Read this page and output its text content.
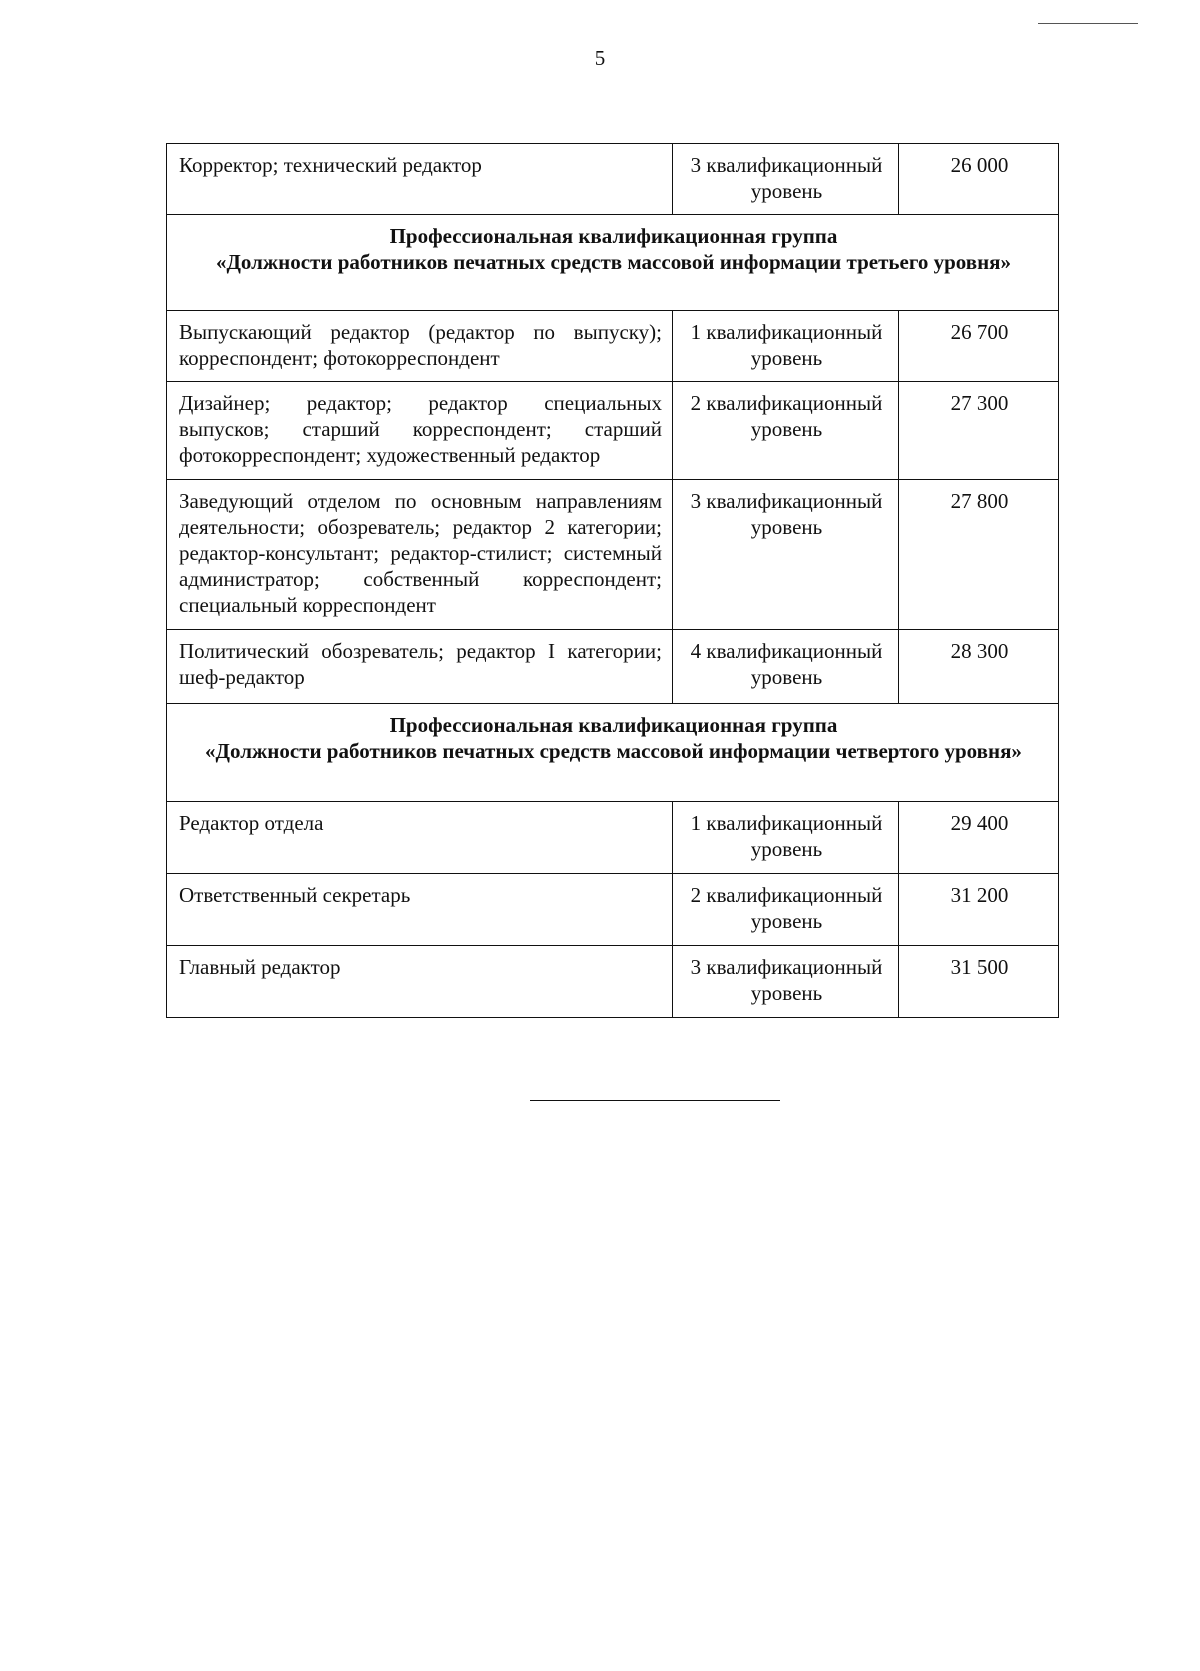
5
Корректор; технический редактор	3 квалификационный уровень	26 000

Профессиональная квалификационная группа
«Должности работников печатных средств массовой информации третьего уровня»		

Выпускающий редактор (редактор по выпуску); корреспондент; фотокорреспондент	1 квалификационный уровень	26 700
Дизайнер; редактор; редактор специальных выпусков; старший корреспондент; старший фотокорреспондент; художественный редактор	2 квалификационный уровень	27 300
Заведующий отделом по основным направлениям деятельности; обозреватель; редактор 2 категории; редактор-консультант; редактор-стилист; системный администратор; собственный корреспондент; специальный корреспондент	3 квалификационный уровень	27 800
Политический обозреватель; редактор I категории; шеф-редактор	4 квалификационный уровень	28 300

Профессиональная квалификационная группа
«Должности работников печатных средств массовой информации четвертого уровня»		

Редактор отдела	1 квалификационный уровень	29 400
Ответственный секретарь	2 квалификационный уровень	31 200
Главный редактор	3 квалификационный уровень	31 500
